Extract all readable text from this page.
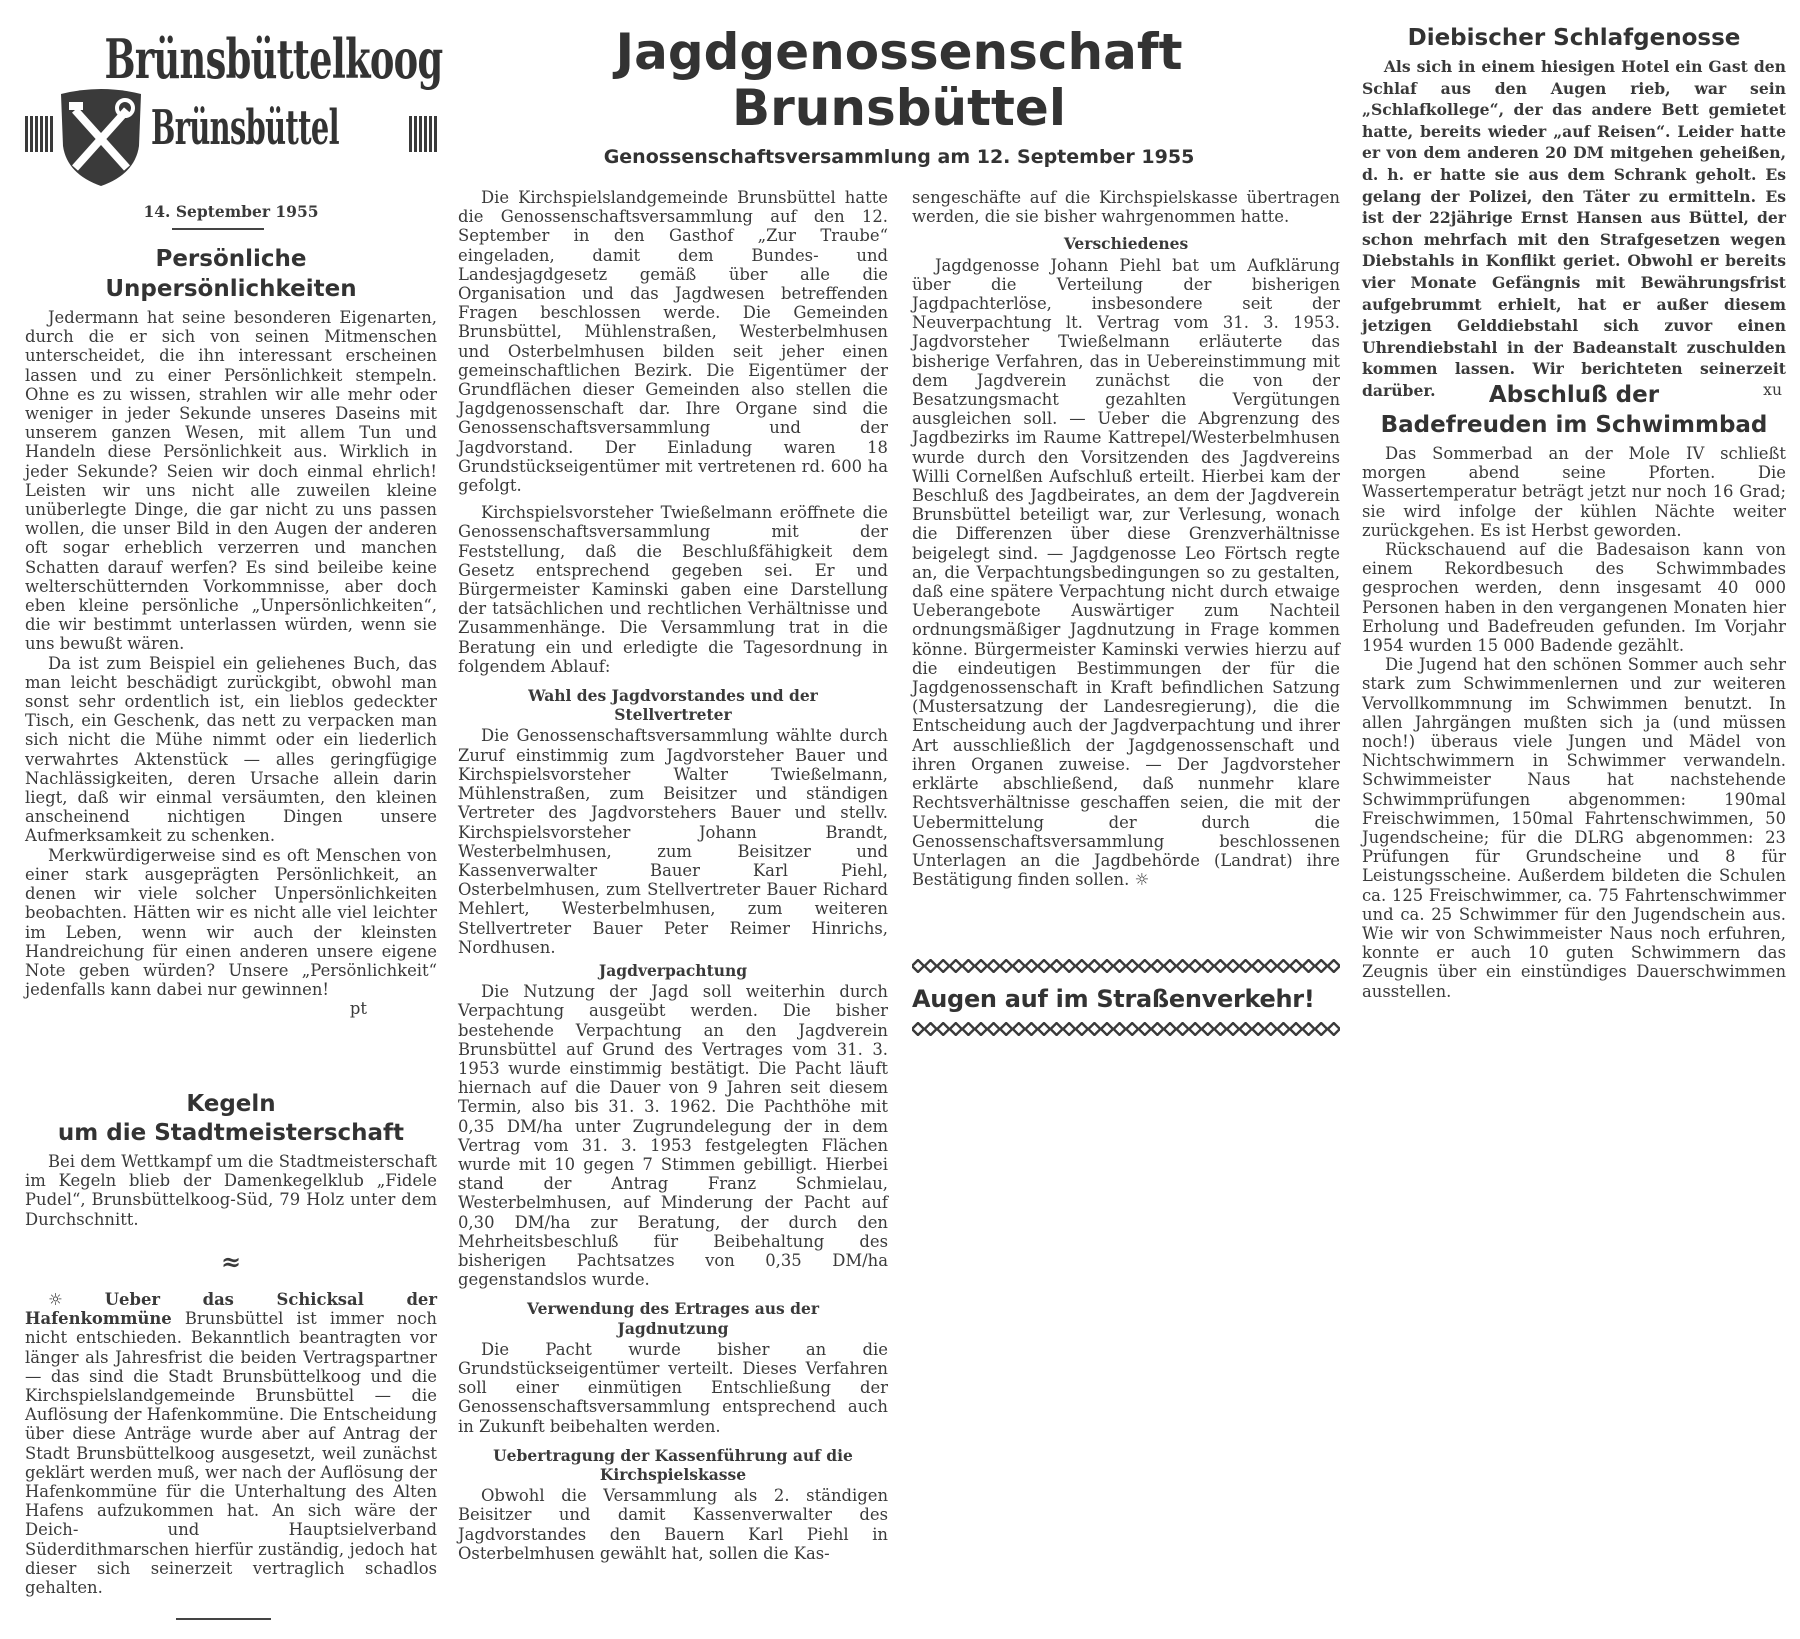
Brünsbüttelkoog
Brünsbüttel
14. September 1955
Persönliche
Unpersönlichkeiten

Jedermann hat seine besonderen Eigenarten, durch die er sich von seinen Mitmenschen unterscheidet, die ihn interessant erscheinen lassen und zu einer Persönlichkeit stempeln. Ohne es zu wissen, strahlen wir alle mehr oder weniger in jeder Sekunde unseres Daseins mit unserem ganzen Wesen, mit allem Tun und Handeln diese Persönlichkeit aus. Wirklich in jeder Sekunde? Seien wir doch einmal ehrlich! Leisten wir uns nicht alle zuweilen kleine unüberlegte Dinge, die gar nicht zu uns passen wollen, die unser Bild in den Augen der anderen oft sogar erheblich verzerren und manchen Schatten darauf werfen? Es sind beileibe keine welterschütternden Vorkommnisse, aber doch eben kleine persönliche „Unpersönlichkeiten“, die wir bestimmt unterlassen würden, wenn sie uns bewußt wären.

Da ist zum Beispiel ein geliehenes Buch, das man leicht beschädigt zurückgibt, obwohl man sonst sehr ordentlich ist, ein lieblos gedeckter Tisch, ein Geschenk, das nett zu verpacken man sich nicht die Mühe nimmt oder ein liederlich verwahrtes Aktenstück — alles geringfügige Nachlässigkeiten, deren Ursache allein darin liegt, daß wir einmal versäumten, den kleinen anscheinend nichtigen Dingen unsere Aufmerksamkeit zu schenken.

Merkwürdigerweise sind es oft Menschen von einer stark ausgeprägten Persönlichkeit, an denen wir viele solcher Unpersönlichkeiten beobachten. Hätten wir es nicht alle viel leichter im Leben, wenn wir auch der kleinsten Handreichung für einen anderen unsere eigene Note geben würden? Unsere „Persönlichkeit“ jedenfalls kann dabei nur gewinnen!

pt
Kegeln
um die Stadtmeisterschaft

Bei dem Wettkampf um die Stadtmeisterschaft im Kegeln blieb der Damenkegelklub „Fidele Pudel“, Brunsbüttelkoog-Süd, 79 Holz unter dem Durchschnitt.

≈

☼	Ueber das Schicksal der Hafenkommüne Brunsbüttel ist immer noch nicht entschieden. Bekanntlich beantragten vor länger als Jahresfrist die beiden Vertragspartner — das sind die Stadt Brunsbüttelkoog und die Kirchspielslandgemeinde Brunsbüttel — die Auflösung der Hafenkommüne. Die Entscheidung über diese Anträge wurde aber auf Antrag der Stadt Brunsbüttelkoog ausgesetzt, weil zunächst geklärt werden muß, wer nach der Auflösung der Hafenkommüne für die Unterhaltung des Alten Hafens aufzukommen hat. An sich wäre der Deich- und Hauptsielverband Süderdithmarschen hierfür zuständig, jedoch hat dieser sich seinerzeit vertraglich schadlos gehalten.

Jagdgenossenschaft
Brunsbüttel
Genossenschaftsversammlung am 12. September 1955

Die Kirchspielslandgemeinde Brunsbüttel hatte die Genossenschaftsversammlung auf den 12. September in den Gasthof „Zur Traube“ eingeladen, damit dem Bundes- und Landesjagdgesetz gemäß über alle die Organisation und das Jagdwesen betreffenden Fragen beschlossen werde. Die Gemeinden Brunsbüttel, Mühlenstraßen, Westerbelmhusen und Osterbelmhusen bilden seit jeher einen gemeinschaftlichen Bezirk. Die Eigentümer der Grundflächen dieser Gemeinden also stellen die Jagdgenossenschaft dar. Ihre Organe sind die Genossenschaftsversammlung und der Jagdvorstand. Der Einladung waren 18 Grundstückseigentümer mit vertretenen rd. 600 ha gefolgt.

Kirchspielsvorsteher Twießelmann eröffnete die Genossenschaftsversammlung mit der Feststellung, daß die Beschlußfähigkeit dem Gesetz entsprechend gegeben sei. Er und Bürgermeister Kaminski gaben eine Darstellung der tatsächlichen und rechtlichen Verhältnisse und Zusammenhänge. Die Versammlung trat in die Beratung ein und erledigte die Tagesordnung in folgendem Ablauf:

Wahl des Jagdvorstandes und der Stellvertreter

Die Genossenschaftsversammlung wählte durch Zuruf einstimmig zum Jagdvorsteher Bauer und Kirchspielsvorsteher Walter Twießelmann, Mühlenstraßen, zum Beisitzer und ständigen Vertreter des Jagdvorstehers Bauer und stellv. Kirchspielsvorsteher Johann Brandt, Westerbelmhusen, zum Beisitzer und Kassenverwalter Bauer Karl Piehl, Osterbelmhusen, zum Stellvertreter Bauer Richard Mehlert, Westerbelmhusen, zum weiteren Stellvertreter Bauer Peter Reimer Hinrichs, Nordhusen.

Jagdverpachtung

Die Nutzung der Jagd soll weiterhin durch Verpachtung ausgeübt werden. Die bisher bestehende Verpachtung an den Jagdverein Brunsbüttel auf Grund des Vertrages vom 31. 3. 1953 wurde einstimmig bestätigt. Die Pacht läuft hiernach auf die Dauer von 9 Jahren seit diesem Termin, also bis 31. 3. 1962. Die Pachthöhe mit 0,35 DM/ha unter Zugrundelegung der in dem Vertrag vom 31. 3. 1953 festgelegten Flächen wurde mit 10 gegen 7 Stimmen gebilligt. Hierbei stand der Antrag Franz Schmielau, Westerbelmhusen, auf Minderung der Pacht auf 0,30 DM/ha zur Beratung, der durch den Mehrheitsbeschluß für Beibehaltung des bisherigen Pachtsatzes von 0,35 DM/ha gegenstandslos wurde.

Verwendung des Ertrages aus der Jagdnutzung

Die Pacht wurde bisher an die Grundstückseigentümer verteilt. Dieses Verfahren soll einer einmütigen Entschließung der Genossenschaftsversammlung entsprechend auch in Zukunft beibehalten werden.

Uebertragung der Kassenführung auf die Kirchspielskasse

Obwohl die Versammlung als 2. ständigen Beisitzer und damit Kassenverwalter des Jagdvorstandes den Bauern Karl Piehl in Osterbelmhusen gewählt hat, sollen die Kas-

sengeschäfte auf die Kirchspielskasse übertragen werden, die sie bisher wahrgenommen hatte.

Verschiedenes

Jagdgenosse Johann Piehl bat um Aufklärung über die Verteilung der bisherigen Jagdpachterlöse, insbesondere seit der Neuverpachtung lt. Vertrag vom 31. 3. 1953. Jagdvorsteher Twießelmann erläuterte das bisherige Verfahren, das in Uebereinstimmung mit dem Jagdverein zunächst die von der Besatzungsmacht gezahlten Vergütungen ausgleichen soll. — Ueber die Abgrenzung des Jagdbezirks im Raume Kattrepel/Westerbelmhusen wurde durch den Vorsitzenden des Jagdvereins Willi Cornelßen Aufschluß erteilt. Hierbei kam der Beschluß des Jagdbeirates, an dem der Jagdverein Brunsbüttel beteiligt war, zur Verlesung, wonach die Differenzen über diese Grenzverhältnisse beigelegt sind. — Jagdgenosse Leo Förtsch regte an, die Verpachtungsbedingungen so zu gestalten, daß eine spätere Verpachtung nicht durch etwaige Ueberangebote Auswärtiger zum Nachteil ordnungsmäßiger Jagdnutzung in Frage kommen könne. Bürgermeister Kaminski verwies hierzu auf die eindeutigen Bestimmungen der für die Jagdgenossenschaft in Kraft befindlichen Satzung (Mustersatzung der Landesregierung), die die Entscheidung auch der Jagdverpachtung und ihrer Art ausschließlich der Jagdgenossenschaft und ihren Organen zuweise. — Der Jagdvorsteher erklärte abschließend, daß nunmehr klare Rechtsverhältnisse geschaffen seien, die mit der Uebermittelung der durch die Genossenschaftsversammlung beschlossenen Unterlagen an die Jagdbehörde (Landrat) ihre Bestätigung finden sollen. ☼

Augen auf im Straßenverkehr!
Diebischer Schlafgenosse

Als sich in einem hiesigen Hotel ein Gast den Schlaf aus den Augen rieb, war sein „Schlafkollege“, der das andere Bett gemietet hatte, bereits wieder „auf Reisen“. Leider hatte er von dem anderen 20 DM mitgehen geheißen, d. h. er hatte sie aus dem Schrank geholt. Es gelang der Polizei, den Täter zu ermitteln. Es ist der 22jährige Ernst Hansen aus Büttel, der schon mehrfach mit den Strafgesetzen wegen Diebstahls in Konflikt geriet. Obwohl er bereits vier Monate Gefängnis mit Bewährungsfrist aufgebrummt erhielt, hat er außer diesem jetzigen Gelddiebstahl sich zuvor einen Uhrendiebstahl in der Badeanstalt zuschulden kommen lassen. Wir berichteten seinerzeit darüber.	xu

Abschluß der
Badefreuden im Schwimmbad

Das Sommerbad an der Mole IV schließt morgen abend seine Pforten. Die Wassertemperatur beträgt jetzt nur noch 16 Grad; sie wird infolge der kühlen Nächte weiter zurückgehen. Es ist Herbst geworden.

Rückschauend auf die Badesaison kann von einem Rekordbesuch des Schwimmbades gesprochen werden, denn insgesamt 40 000 Personen haben in den vergangenen Monaten hier Erholung und Badefreuden gefunden. Im Vorjahr 1954 wurden 15 000 Badende gezählt.

Die Jugend hat den schönen Sommer auch sehr stark zum Schwimmenlernen und zur weiteren Vervollkommnung im Schwimmen benutzt. In allen Jahrgängen mußten sich ja (und müssen noch!) überaus viele Jungen und Mädel von Nichtschwimmern in Schwimmer verwandeln. Schwimmeister Naus hat nachstehende Schwimmprüfungen abgenommen: 190mal Freischwimmen, 150mal Fahrtenschwimmen, 50 Jugendscheine; für die DLRG abgenommen: 23 Prüfungen für Grundscheine und 8 für Leistungsscheine. Außerdem bildeten die Schulen ca. 125 Freischwimmer, ca. 75 Fahrtenschwimmer und ca. 25 Schwimmer für den Jugendschein aus. Wie wir von Schwimmeister Naus noch erfuhren, konnte er auch 10 guten Schwimmern das Zeugnis über ein einstündiges Dauerschwimmen ausstellen.
